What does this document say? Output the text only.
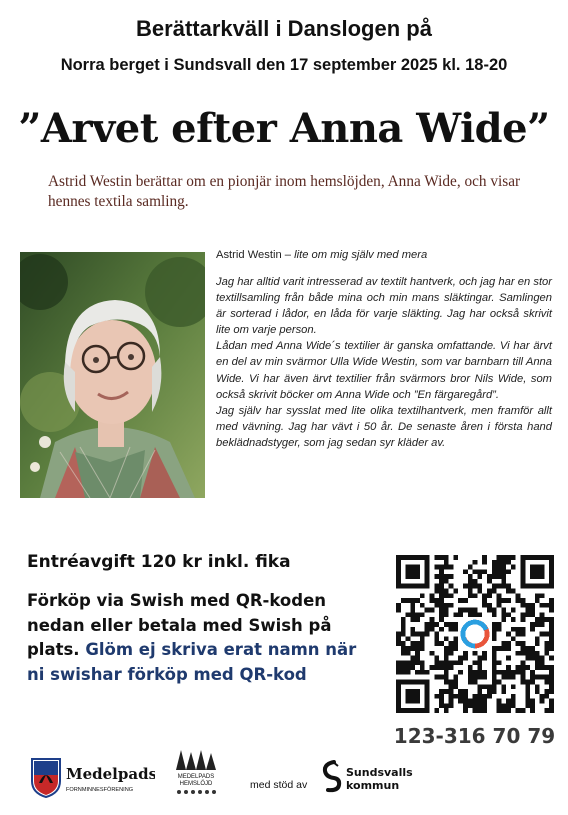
Berättarkväll i Danslogen på
Norra berget i Sundsvall den 17 september 2025 kl. 18-20
”Arvet efter Anna Wide”
Astrid Westin berättar om en pionjär inom hemslöjden, Anna Wide, och visar hennes textila samling.
Astrid Westin – lite om mig själv med mera

Jag har alltid varit intresserad av textilt hantverk, och jag har en stor textillsamling från både mina och min mans släktingar. Samlingen är sorterad i lådor, en låda för varje släkting. Jag har också skrivit lite om varje person.

Lådan med Anna Wide´s textilier är ganska omfattande. Vi har ärvt en del av min svärmor Ulla Wide Westin, som var barnbarn till Anna Wide. Vi har även ärvt textilier från svärmors bror Nils Wide, som också skrivit böcker om Anna Wide och ”En färgaregård”.

Jag själv har sysslat med lite olika textilhantverk, men framför allt med vävning. Jag har vävt i 50 år. De senaste åren i första hand beklädnadstyger, som jag sedan syr kläder av.

Entréavgift 120 kr inkl. fika
Förköp via Swish med QR-koden nedan eller betala med Swish på plats. Glöm ej skriva erat namn när ni swishar förköp med QR-kod
123-316 70 79
Medelpads
FORNMINNESFÖRENING
MEDELPADS
HEMSLÖJD	med stöd av
Sundsvalls
kommun
